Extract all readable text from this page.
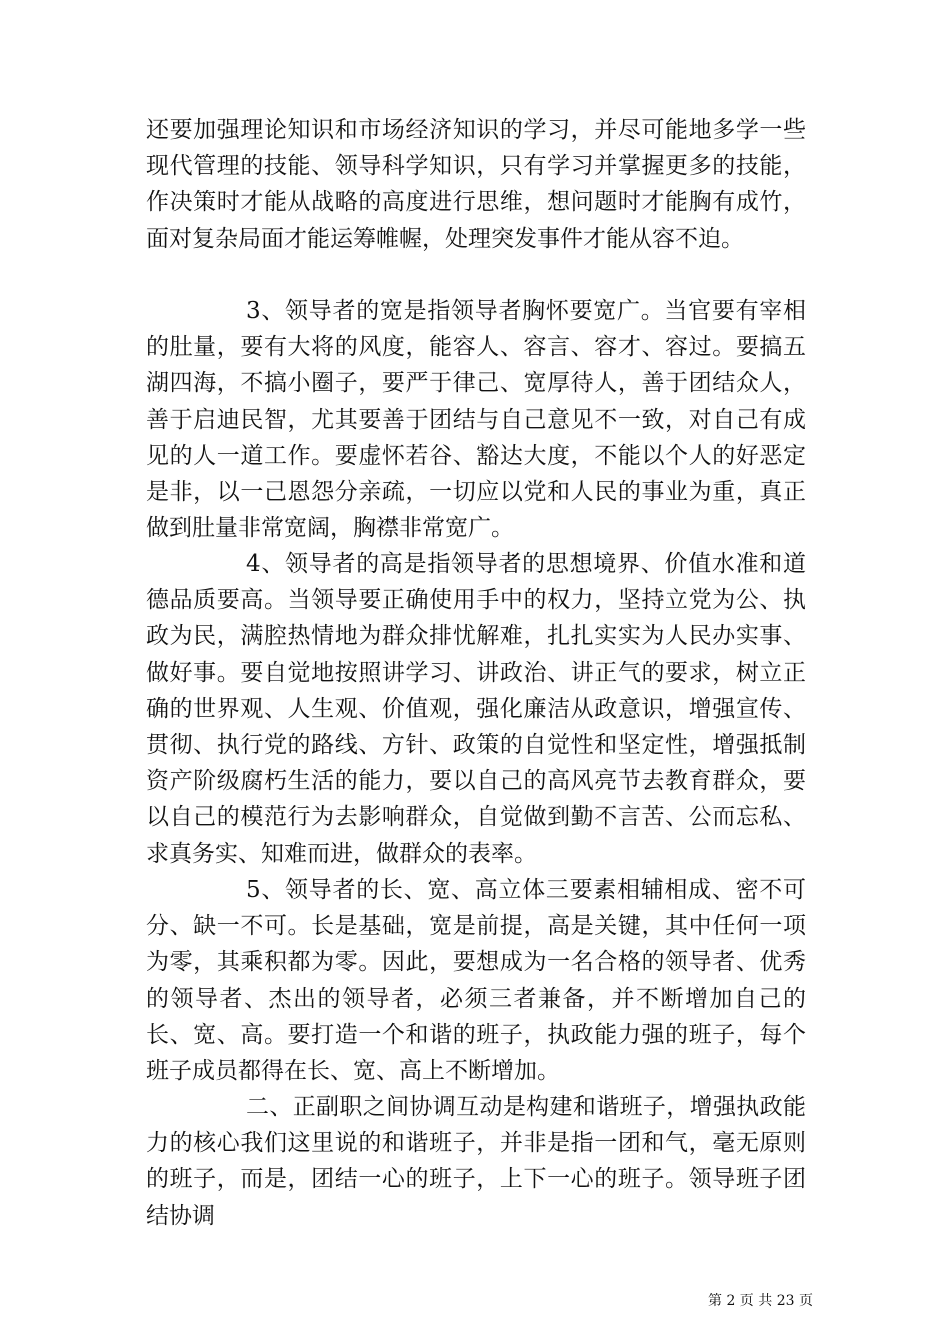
还要加强理论知识和市场经济知识的学习，并尽可能地多学一些现代管理的技能、领导科学知识，只有学习并掌握更多的技能，作决策时才能从战略的高度进行思维，想问题时才能胸有成竹，面对复杂局面才能运筹帷幄，处理突发事件才能从容不迫。

3、领导者的宽是指领导者胸怀要宽广。当官要有宰相的肚量，要有大将的风度，能容人、容言、容才、容过。要搞五湖四海，不搞小圈子，要严于律己、宽厚待人，善于团结众人，善于启迪民智，尤其要善于团结与自己意见不一致，对自己有成见的人一道工作。要虚怀若谷、豁达大度，不能以个人的好恶定是非，以一己恩怨分亲疏，一切应以党和人民的事业为重，真正做到肚量非常宽阔，胸襟非常宽广。

4、领导者的高是指领导者的思想境界、价值水准和道德品质要高。当领导要正确使用手中的权力，坚持立党为公、执政为民，满腔热情地为群众排忧解难，扎扎实实为人民办实事、做好事。要自觉地按照讲学习、讲政治、讲正气的要求，树立正确的世界观、人生观、价值观，强化廉洁从政意识，增强宣传、贯彻、执行党的路线、方针、政策的自觉性和坚定性，增强抵制资产阶级腐朽生活的能力，要以自己的高风亮节去教育群众，要以自己的模范行为去影响群众，自觉做到勤不言苦、公而忘私、求真务实、知难而进，做群众的表率。

5、领导者的长、宽、高立体三要素相辅相成、密不可分、缺一不可。长是基础，宽是前提，高是关键，其中任何一项为零，其乘积都为零。因此，要想成为一名合格的领导者、优秀的领导者、杰出的领导者，必须三者兼备，并不断增加自己的长、宽、高。要打造一个和谐的班子，执政能力强的班子，每个班子成员都得在长、宽、高上不断增加。

二、正副职之间协调互动是构建和谐班子，增强执政能力的核心我们这里说的和谐班子，并非是指一团和气，毫无原则的班子，而是，团结一心的班子，上下一心的班子。领导班子团结协调

第 2 页 共 23 页
